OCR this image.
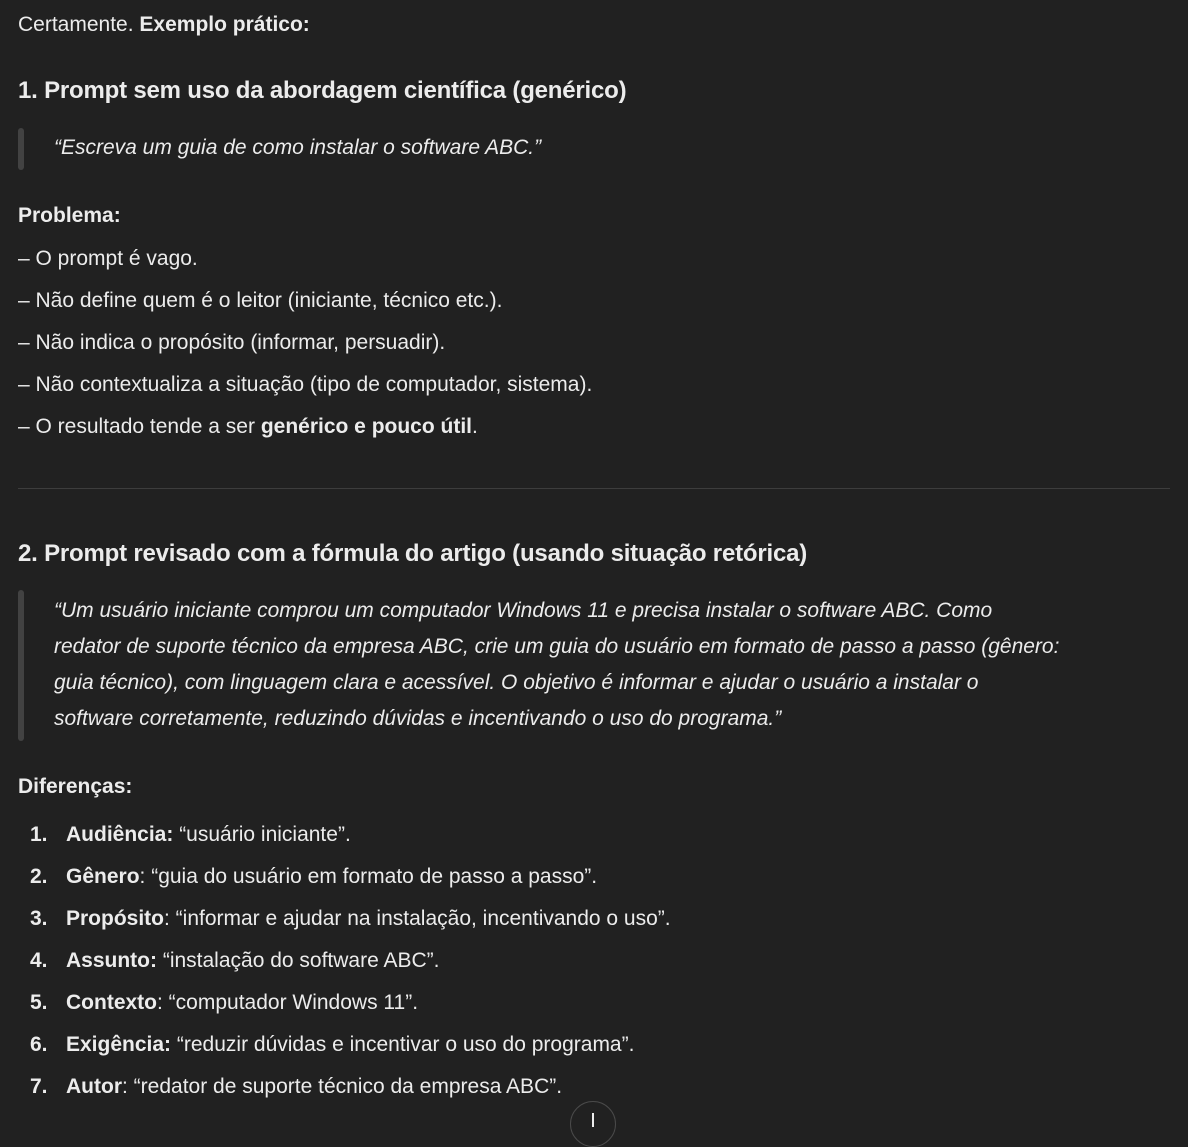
Certamente. Exemplo prático:
1. Prompt sem uso da abordagem científica (genérico)
“Escreva um guia de como instalar o software ABC.”
Problema:
– O prompt é vago.
– Não define quem é o leitor (iniciante, técnico etc.).
– Não indica o propósito (informar, persuadir).
– Não contextualiza a situação (tipo de computador, sistema).
– O resultado tende a ser genérico e pouco útil.
2. Prompt revisado com a fórmula do artigo (usando situação retórica)
“Um usuário iniciante comprou um computador Windows 11 e precisa instalar o software ABC. Como
redator de suporte técnico da empresa ABC, crie um guia do usuário em formato de passo a passo (gênero:
guia técnico), com linguagem clara e acessível. O objetivo é informar e ajudar o usuário a instalar o
software corretamente, reduzindo dúvidas e incentivando o uso do programa.”
Diferenças:
1. Audiência: “usuário iniciante”.
2. Gênero: “guia do usuário em formato de passo a passo”.
3. Propósito: “informar e ajudar na instalação, incentivando o uso”.
4. Assunto: “instalação do software ABC”.
5. Contexto: “computador Windows 11”.
6. Exigência: “reduzir dúvidas e incentivar o uso do programa”.
7. Autor: “redator de suporte técnico da empresa ABC”.
